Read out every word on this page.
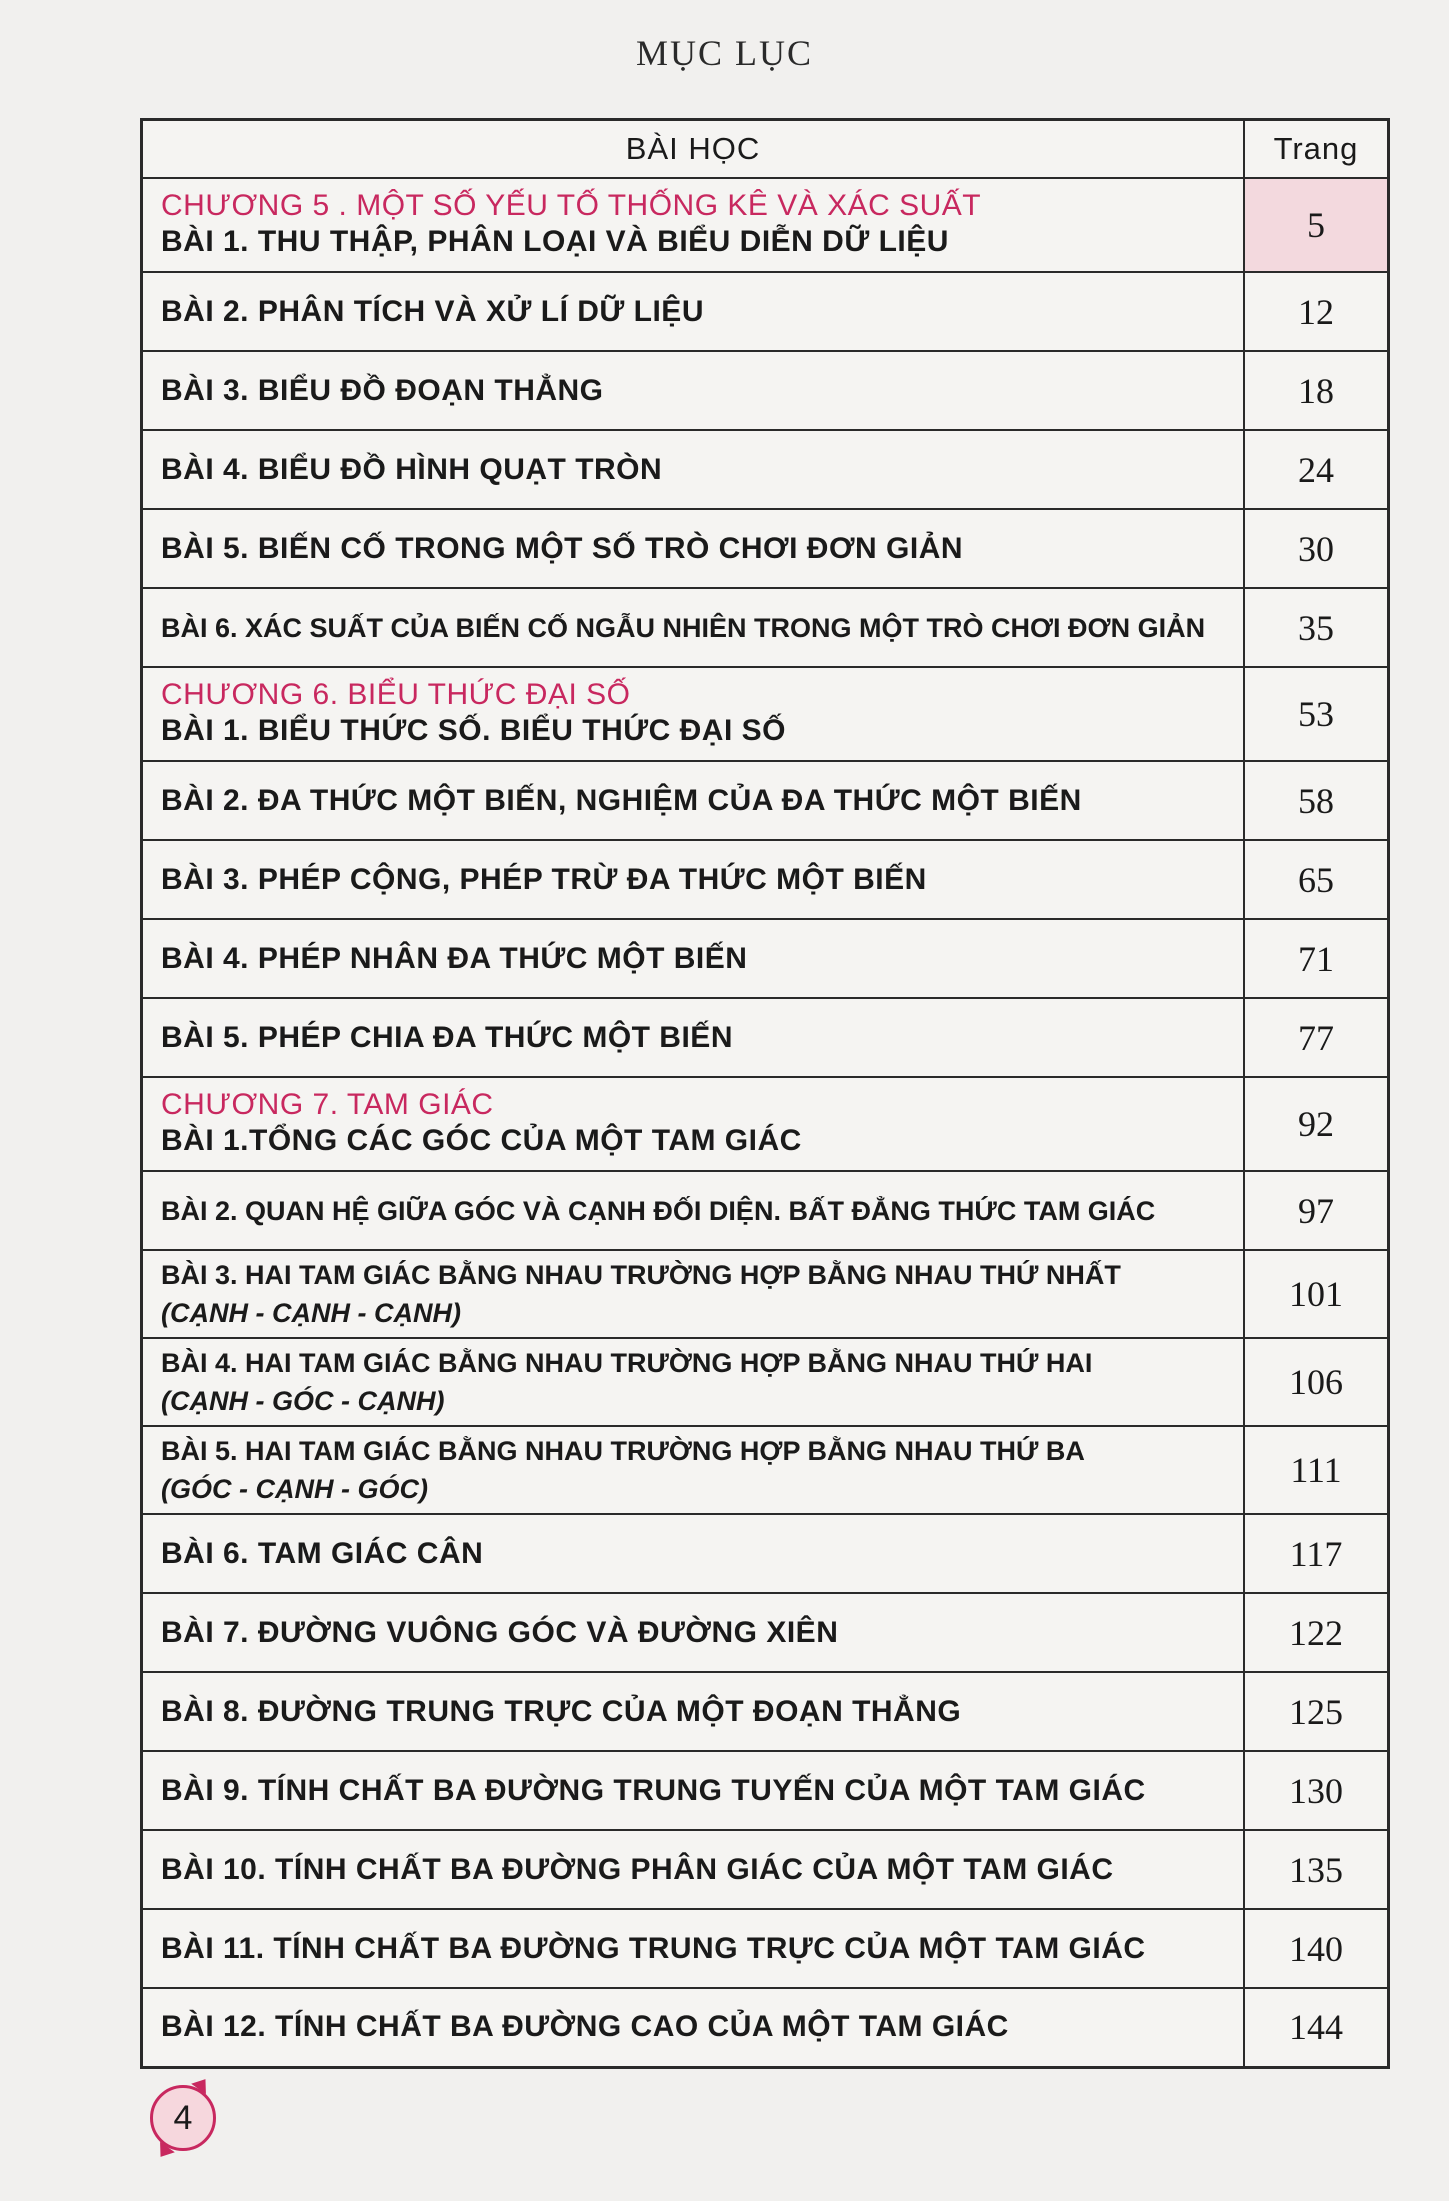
MỤC LỤC
BÀI HỌC	Trang

CHƯƠNG 5 . MỘT SỐ YẾU TỐ THỐNG KÊ VÀ XÁC SUẤT
BÀI 1. THU THẬP, PHÂN LOẠI VÀ BIỂU DIỄN DỮ LIỆU	5
BÀI 2. PHÂN TÍCH VÀ XỬ LÍ DỮ LIỆU	12
BÀI 3. BIỂU ĐỒ ĐOẠN THẲNG	18
BÀI 4. BIỂU ĐỒ HÌNH QUẠT TRÒN	24
BÀI 5. BIẾN CỐ TRONG MỘT SỐ TRÒ CHƠI ĐƠN GIẢN	30
BÀI 6. XÁC SUẤT CỦA BIẾN CỐ NGẪU NHIÊN TRONG MỘT TRÒ CHƠI ĐƠN GIẢN	35

CHƯƠNG 6. BIỂU THỨC ĐẠI SỐ
BÀI 1. BIỂU THỨC SỐ. BIỂU THỨC ĐẠI SỐ	53
BÀI 2. ĐA THỨC MỘT BIẾN, NGHIỆM CỦA ĐA THỨC MỘT BIẾN	58
BÀI 3. PHÉP CỘNG, PHÉP TRỪ ĐA THỨC MỘT BIẾN	65
BÀI 4. PHÉP NHÂN ĐA THỨC MỘT BIẾN	71
BÀI 5. PHÉP CHIA ĐA THỨC MỘT BIẾN	77

CHƯƠNG 7. TAM GIÁC
BÀI 1.TỔNG CÁC GÓC CỦA MỘT TAM GIÁC	92
BÀI 2. QUAN HỆ GIỮA GÓC VÀ CẠNH ĐỐI DIỆN. BẤT ĐẲNG THỨC TAM GIÁC	97

BÀI 3. HAI TAM GIÁC BẰNG NHAU TRƯỜNG HỢP BẰNG NHAU THỨ NHẤT
(CẠNH - CẠNH - CẠNH)	101

BÀI 4. HAI TAM GIÁC BẰNG NHAU TRƯỜNG HỢP BẰNG NHAU THỨ HAI
(CẠNH - GÓC - CẠNH)	106

BÀI 5. HAI TAM GIÁC BẰNG NHAU TRƯỜNG HỢP BẰNG NHAU THỨ BA
(GÓC - CẠNH - GÓC)	111
BÀI 6. TAM GIÁC CÂN	117
BÀI 7. ĐƯỜNG VUÔNG GÓC VÀ ĐƯỜNG XIÊN	122
BÀI 8. ĐƯỜNG TRUNG TRỰC CỦA MỘT ĐOẠN THẲNG	125
BÀI 9. TÍNH CHẤT BA ĐƯỜNG TRUNG TUYẾN CỦA MỘT TAM GIÁC	130
BÀI 10. TÍNH CHẤT BA ĐƯỜNG PHÂN GIÁC CỦA MỘT TAM GIÁC	135
BÀI 11. TÍNH CHẤT BA ĐƯỜNG TRUNG TRỰC CỦA MỘT TAM GIÁC	140
BÀI 12. TÍNH CHẤT BA ĐƯỜNG CAO CỦA MỘT TAM GIÁC	144
4
